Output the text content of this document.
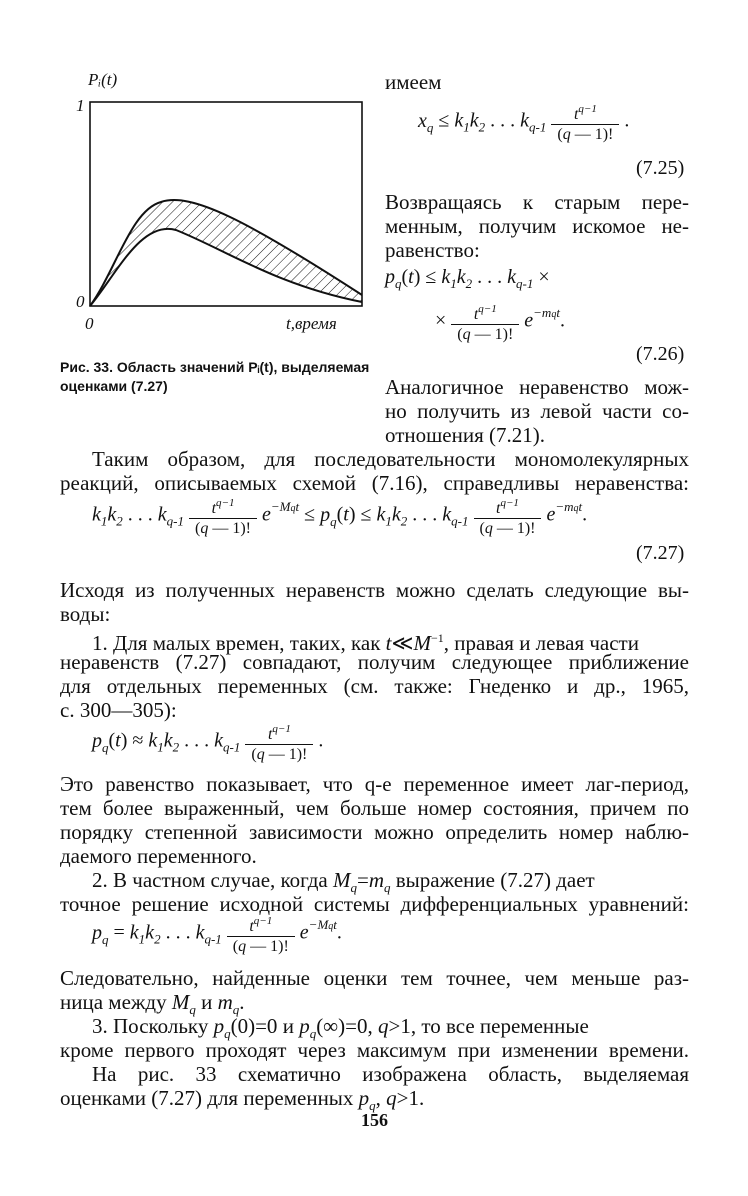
Pᵢ(t)
1
0
0	t,время
Рис. 33. Область значений Pᵢ(t), выделяемая оценками (7.27)
имеем
$x_q \le k_1k_2$ . . . $k_{q-1} \frac{t^{q-1}}{(q — 1)!}$ .
(7.25)
Возвращаясь к старым пере-
менным, получим искомое не-
равенство:
$p_q(t) \le k_1k_2$ . . . $k_{q-1}$ ×
× $\frac{t^{q-1}}{(q — 1)!} e^{-mqt}$.
(7.26)
Аналогичное неравенство мож-
но получить из левой части со-
отношения (7.21).
Таким образом, для последовательности мономолекулярных
реакций, описываемых схемой (7.16), справедливы неравенства:
$k_1k_2$ . . . $k_{q-1} \frac{t^{q-1}}{(q — 1)!} e^{-Mqt} \le p_q(t) \le k_1k_2$ . . . $k_{q-1} \frac{t^{q-1}}{(q — 1)!} e^{-mqt}$.
(7.27)
Исходя из полученных неравенств можно сделать следующие вы-
воды:
1. Для малых времен, таких, как $t≪M^{-1}$, правая и левая части
неравенств (7.27) совпадают, получим следующее приближение
для отдельных переменных (см. также: Гнеденко и др., 1965,
с. 300—305):
$p_q(t) \approx k_1k_2$ . . . $k_{q-1} \frac{t^{q-1}}{(q — 1)!}$ .
Это равенство показывает, что q-е переменное имеет лаг-период,
тем более выраженный, чем больше номер состояния, причем по
порядку степенной зависимости можно определить номер наблю-
даемого переменного.
2. В частном случае, когда $M_q=m_q$ выражение (7.27) дает
точное решение исходной системы дифференциальных уравнений:
$p_q = k_1k_2$ . . . $k_{q-1} \frac{t^{q-1}}{(q — 1)!} e^{-Mqt}$.
Следовательно, найденные оценки тем точнее, чем меньше раз-
ница между $M_q$ и $m_q$.
3. Поскольку $p_q(0)=0$ и $p_q(\infty)=0$, q>1, то все переменные
кроме первого проходят через максимум при изменении времени.
На рис. 33 схематично изображена область, выделяемая
оценками (7.27) для переменных $p_q$, q>1.
156
